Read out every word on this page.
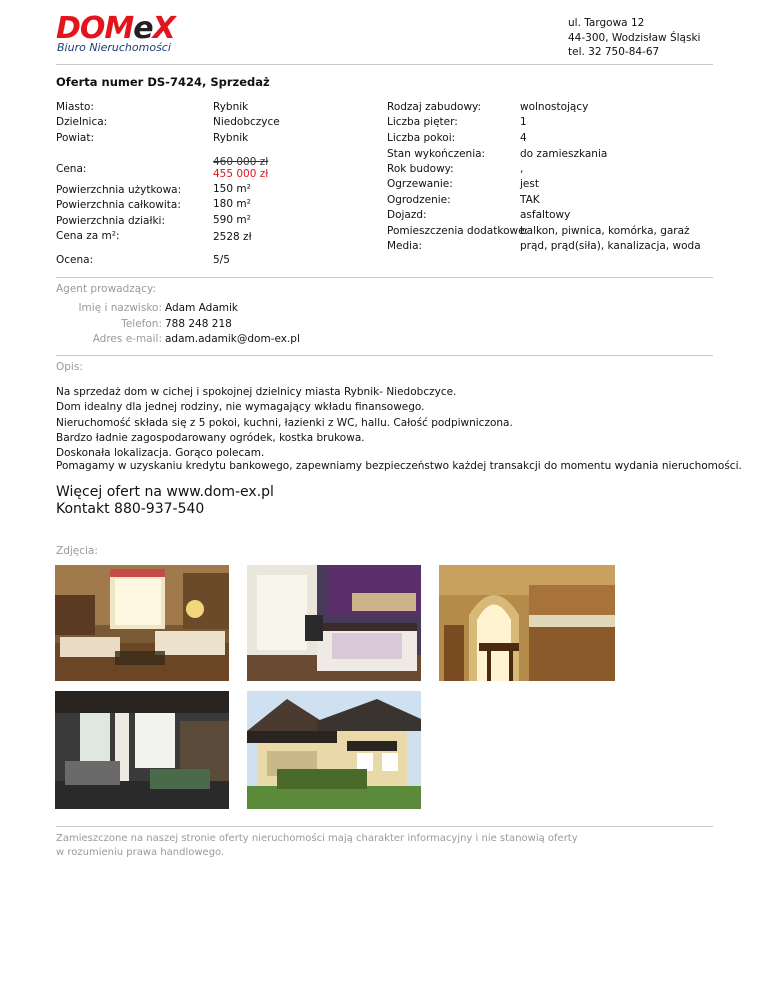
DOMeX
Biuro Nieruchomości
ul. Targowa 12
44-300, Wodzisław Śląski
tel. 32 750-84-67
Oferta numer DS-7424, Sprzedaż
Miasto:	Rybnik
Dzielnica:	Niedobczyce
Powiat:	Rybnik
Cena:
460 000 zł
455 000 zł
Powierzchnia użytkowa:	150 m²
Powierzchnia całkowita:	180 m²
Powierzchnia działki:	590 m²
Cena za m²:	2528 zł
Ocena:	5/5
Rodzaj zabudowy:	wolnostojący
Liczba pięter:	1
Liczba pokoi:	4
Stan wykończenia:	do zamieszkania
Rok budowy:	,
Ogrzewanie:	jest
Ogrodzenie:	TAK
Dojazd:	asfaltowy
Pomieszczenia dodatkowe:
balkon, piwnica, komórka, garaż
Media:	prąd, prąd(siła), kanalizacja, woda
Agent prowadzący:
Imię i nazwisko: Adam Adamik
Telefon: 788 248 218
Adres e-mail: adam.adamik@dom-ex.pl
Opis:

Na sprzedaż dom w cichej i spokojnej dzielnicy miasta Rybnik- Niedobczyce.

Dom idealny dla jednej rodziny, nie wymagający wkładu finansowego.

Nieruchomość składa się z 5 pokoi, kuchni, łazienki z WC, hallu. Całość podpiwniczona.

Bardzo ładnie zagospodarowany ogródek, kostka brukowa.

Doskonała lokalizacja. Gorąco polecam.

Pomagamy w uzyskaniu kredytu bankowego, zapewniamy bezpieczeństwo każdej transakcji do momentu wydania nieruchomości.
Więcej ofert na www.dom-ex.pl
Kontakt 880-937-540
Zdjęcia:
Zamieszczone na naszej stronie oferty nieruchomości mają charakter informacyjny i nie stanowią oferty
w rozumieniu prawa handlowego.
